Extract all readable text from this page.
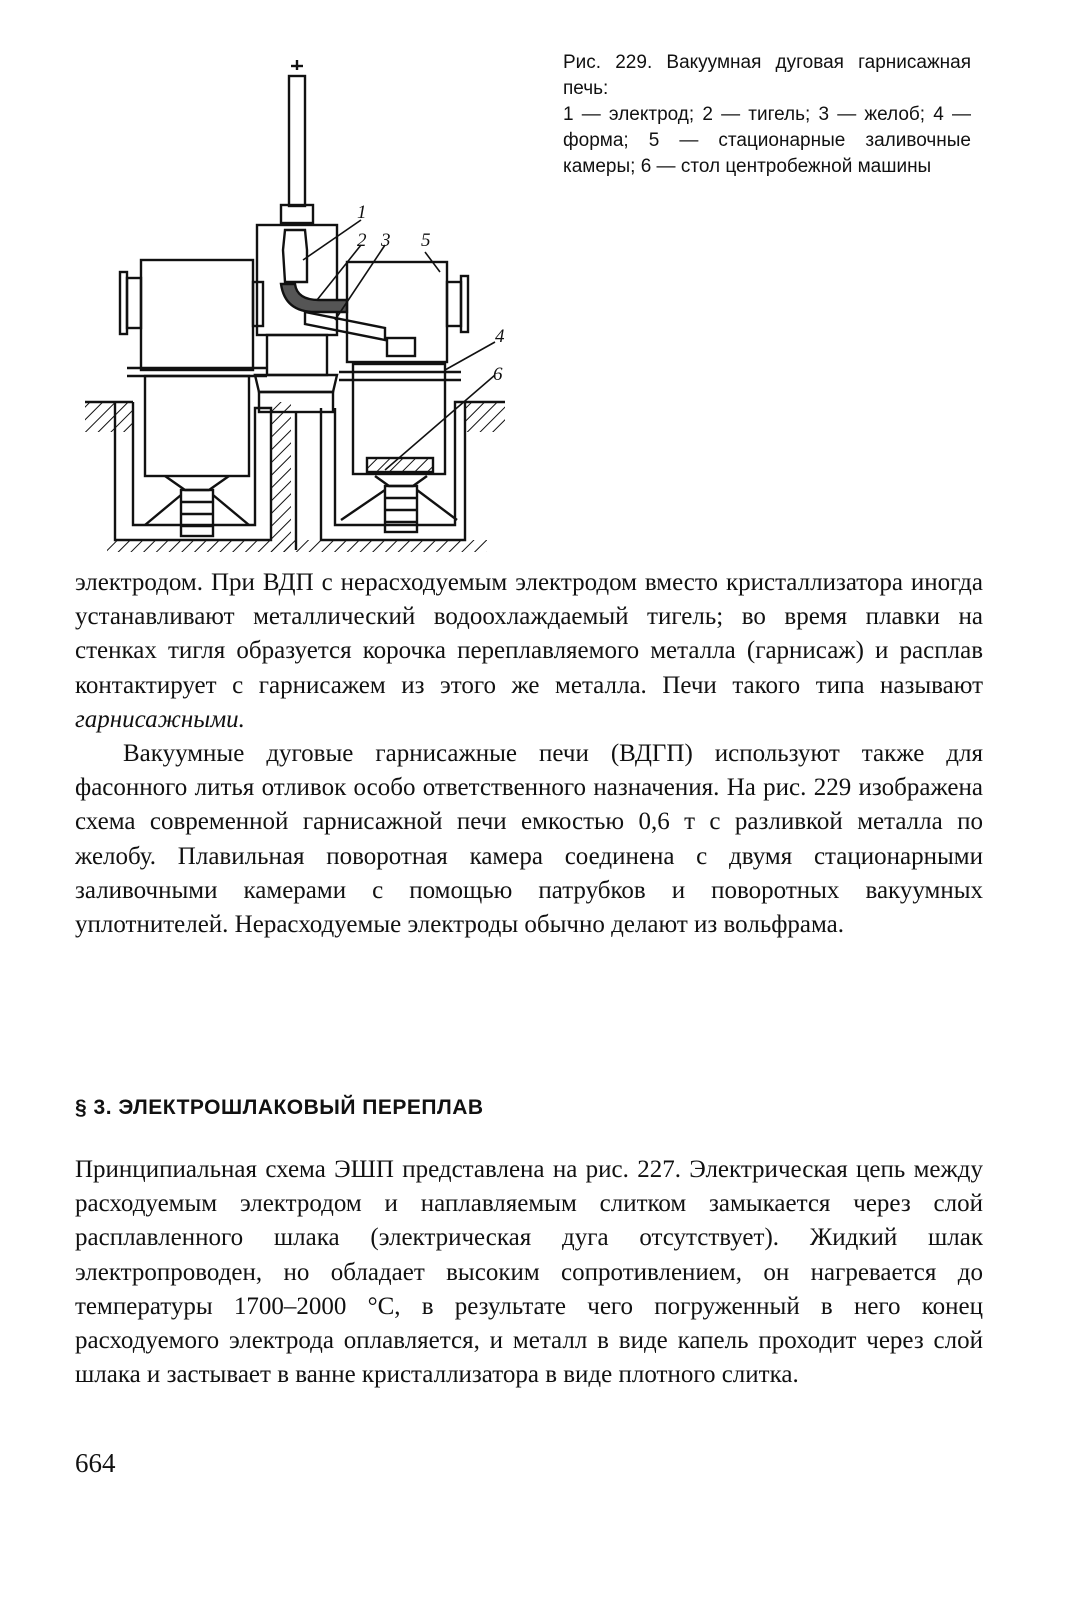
1
2 3 5
4
6

Рис. 229. Вакуумная дуговая гарнисажная печь:

1 — электрод; 2 — тигель; 3 — желоб; 4 — форма; 5 — стационарные заливочные камеры; 6 — стол центробежной машины

электродом. При ВДП с нерасходуемым электродом вместо кристаллизатора иногда устанавливают металлический водоохлаждаемый тигель; во время плавки на стенках тигля образуется корочка переплавляемого металла (гарнисаж) и расплав контактирует с гарнисажем из этого же металла. Печи такого типа называют гарнисажными.

Вакуумные дуговые гарнисажные печи (ВДГП) используют также для фасонного литья отливок особо ответственного назначения. На рис. 229 изображена схема современной гарнисажной печи емкостью 0,6 т с разливкой металла по желобу. Плавильная поворотная камера соединена с двумя стационарными заливочными камерами с помощью патрубков и поворотных вакуумных уплотнителей. Нерасходуемые электроды обычно делают из вольфрама.

§ 3. ЭЛЕКТРОШЛАКОВЫЙ ПЕРЕПЛАВ

Принципиальная схема ЭШП представлена на рис. 227. Электрическая цепь между расходуемым электродом и наплавляемым слитком замыкается через слой расплавленного шлака (электрическая дуга отсутствует). Жидкий шлак электропроводен, но обладает высоким сопротивлением, он нагревается до температуры 1700–2000 °С, в результате чего погруженный в него конец расходуемого электрода оплавляется, и металл в виде капель проходит через слой шлака и застывает в ванне кристаллизатора в виде плотного слитка.

664
